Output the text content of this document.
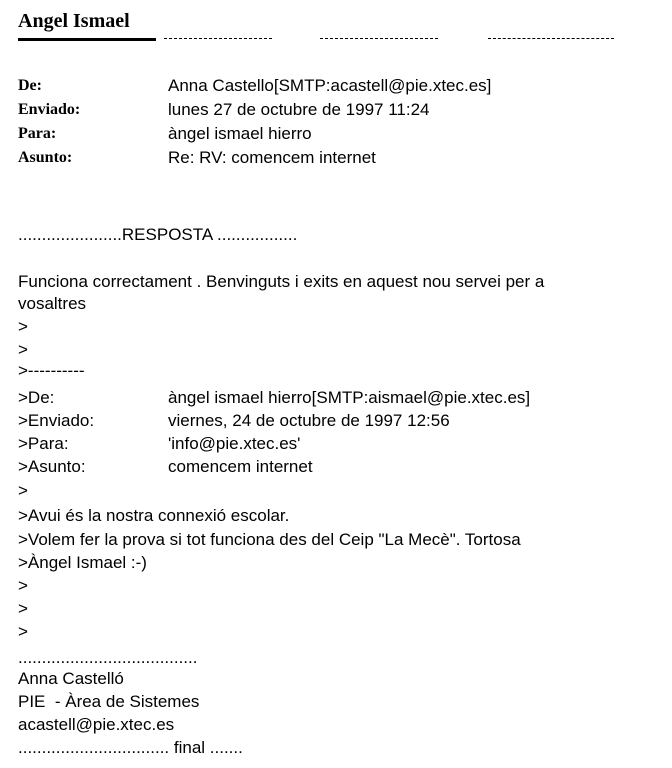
Angel Ismael
De:	Anna Castello[SMTP:acastell@pie.xtec.es]
Enviado:	lunes 27 de octubre de 1997 11:24
Para:	àngel ismael hierro
Asunto:	Re: RV: comencem internet
......................RESPOSTA .................
Funciona correctament . Benvinguts i exits en aquest nou servei per a
vosaltres
>
>
>----------
>De:	àngel ismael hierro[SMTP:aismael@pie.xtec.es]
>Enviado:	viernes, 24 de octubre de 1997 12:56
>Para:	'info@pie.xtec.es'
>Asunto:	comencem internet
>
>Avui és la nostra connexió escolar.
>Volem fer la prova si tot funciona des del Ceip "La Mecè". Tortosa
>Àngel Ismael :-)
>
>
>
......................................
Anna Castelló
PIE  - Àrea de Sistemes
acastell@pie.xtec.es
................................ final .......
